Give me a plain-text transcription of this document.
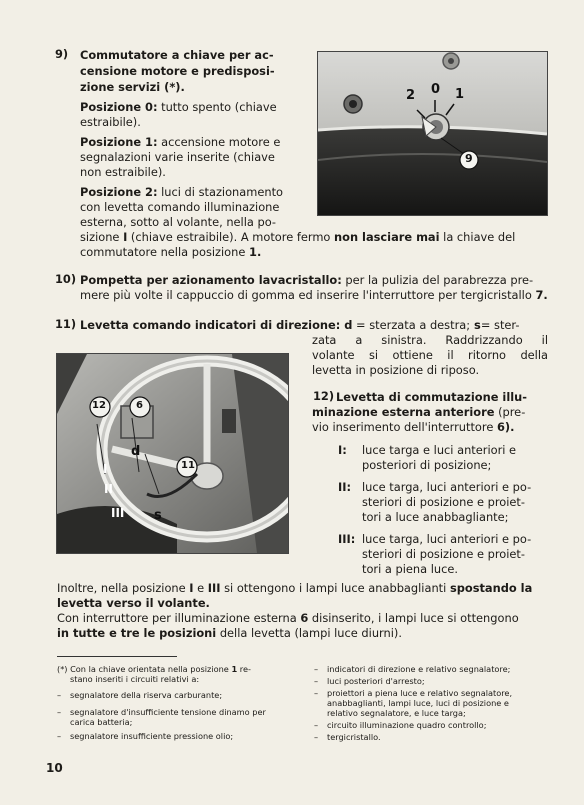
9) Commutatore a chiave per ac-
censione motore e predisposi-
zione servizi (*).
Posizione 0: tutto spento (chiave
estraibile).
Posizione 1: accensione motore e
segnalazioni varie inserite (chiave
non estraibile).
Posizione 2: luci di stazionamento
con levetta comando illuminazione
esterna, sotto al volante, nella po-
sizione I (chiave estraibile). A motore fermo non lasciare mai la chiave del
commutatore nella posizione 1.
2 0 1
9
10) Pompetta per azionamento lavacristallo: per la pulizia del parabrezza pre-
mere più volte il cappuccio di gomma ed inserire l'interruttore per tergicristallo 7.
11) Levetta comando indicatori di direzione: d = sterzata a destra; s= ster-
zata a sinistra. Raddrizzando il
volante si ottiene il ritorno della
levetta in posizione di riposo.
12	6
d
11
I
II
III s
12) Levetta di commutazione illu-
minazione esterna anteriore (pre-
vio inserimento dell'interruttore 6).
I: luce targa e luci anteriori e
posteriori di posizione;
II: luce targa, luci anteriori e po-
steriori di posizione e proiet-
tori a luce anabbagliante;
III: luce targa, luci anteriori e po-
steriori di posizione e proiet-
tori a piena luce.
Inoltre, nella posizione I e III si ottengono i lampi luce anabbaglianti spostando la
levetta verso il volante.
Con interruttore per illuminazione esterna 6 disinserito, i lampi luce si ottengono
in tutte e tre le posizioni della levetta (lampi luce diurni).
(*) Con la chiave orientata nella posizione 1 re-
stano inseriti i circuiti relativi a:
– segnalatore della riserva carburante;
– segnalatore d'insufficiente tensione dinamo per
carica batteria;
– segnalatore insufficiente pressione olio;
– indicatori di direzione e relativo segnalatore;
– luci posteriori d'arresto;
– proiettori a piena luce e relativo segnalatore,
anabbaglianti, lampi luce, luci di posizione e
relativo segnalatore, e luce targa;
– circuito illuminazione quadro controllo;
– tergicristallo.
10
